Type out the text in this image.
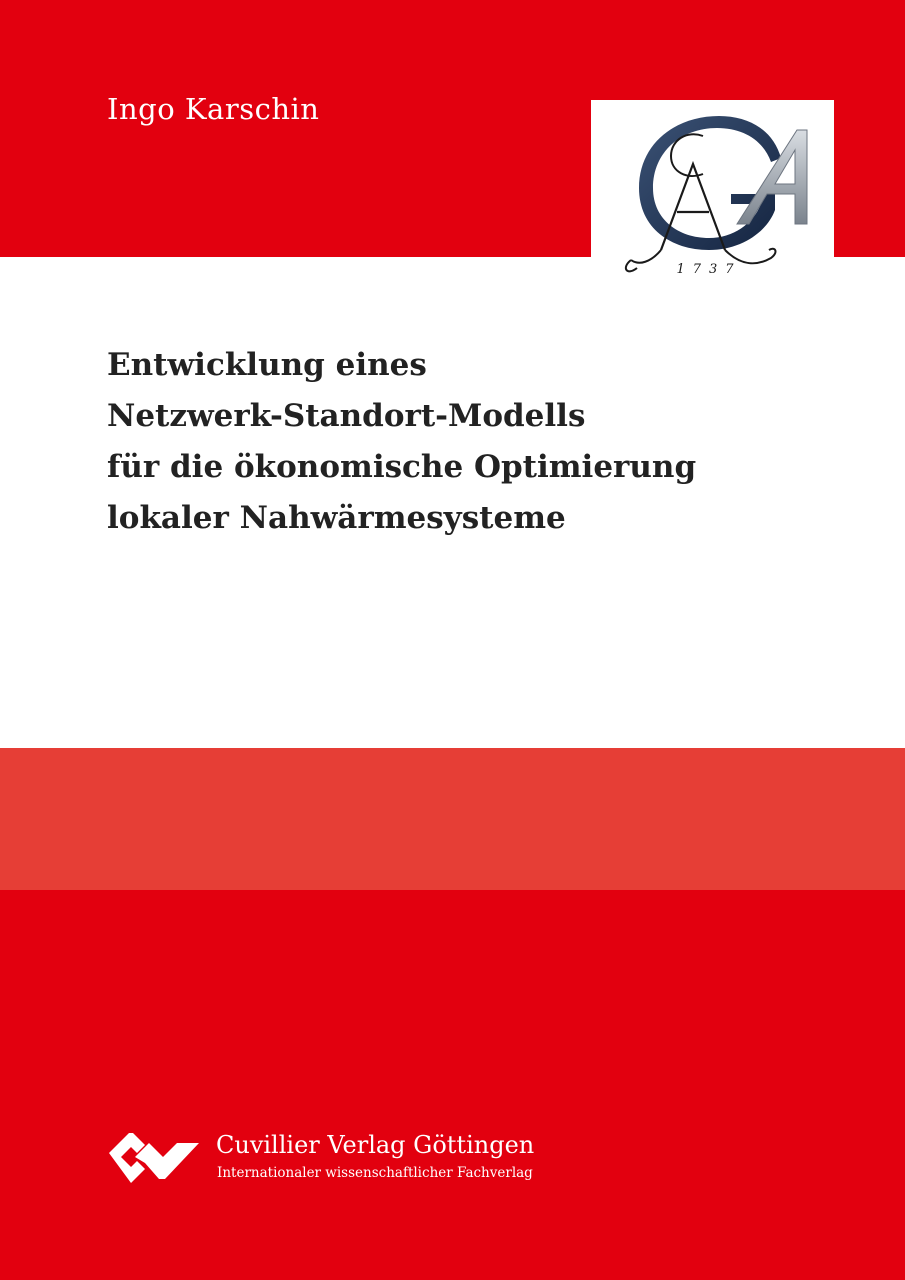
Ingo Karschin
1737
Entwicklung eines
Netzwerk-Standort-Modells
für die ökonomische Optimierung
lokaler Nahwärmesysteme
Cuvillier Verlag Göttingen
Internationaler wissenschaftlicher Fachverlag
